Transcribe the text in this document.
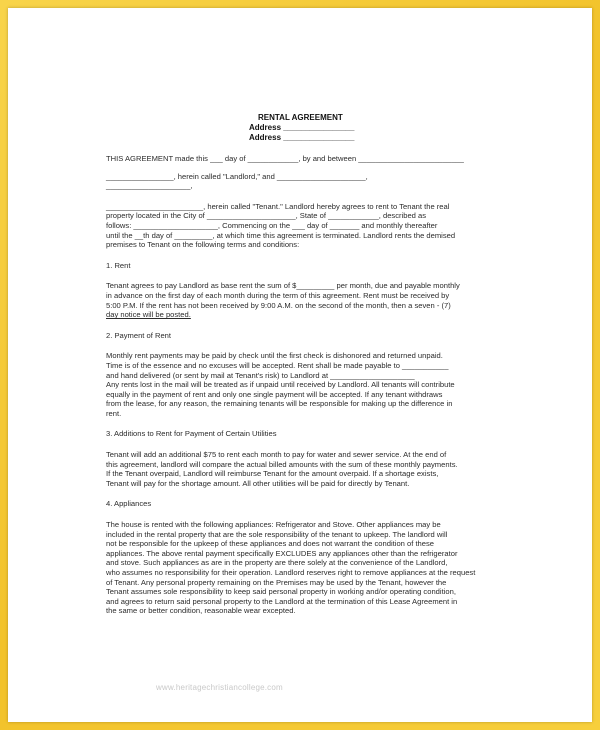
RENTAL AGREEMENT
Address ________________
Address ________________

THIS AGREEMENT made this ___ day of ____________, by and between _________________________

________________, herein called "Landlord," and _____________________,

____________________,

_______________________, herein called "Tenant." Landlord hereby agrees to rent to Tenant the real

property located in the City of _____________________, State of ____________, described as

follows: ____________________, Commencing on the ___ day of _______ and monthly thereafter

until the __th day of _________, at which time this agreement is terminated. Landlord rents the demised

premises to Tenant on the following terms and conditions:

1. Rent

Tenant agrees to pay Landlord as base rent the sum of $_________ per month, due and payable monthly

in advance on the first day of each month during the term of this agreement. Rent must be received by

5:00 P.M. If the rent has not been received by 9:00 A.M. on the second of the month, then a seven - (7)

day notice will be posted.

2. Payment of Rent

Monthly rent payments may be paid by check until the first check is dishonored and returned unpaid.

Time is of the essence and no excuses will be accepted. Rent shall be made payable to ___________

and hand delivered (or sent by mail at Tenant's risk) to Landlord at ____________________

Any rents lost in the mail will be treated as if unpaid until received by Landlord. All tenants will contribute

equally in the payment of rent and only one single payment will be accepted. If any tenant withdraws

from the lease, for any reason, the remaining tenants will be responsible for making up the difference in

rent.

3. Additions to Rent for Payment of Certain Utilities

Tenant will add an additional $75 to rent each month to pay for water and sewer service. At the end of

this agreement, landlord will compare the actual billed amounts with the sum of these monthly payments.

If the Tenant overpaid, Landlord will reimburse Tenant for the amount overpaid. If a shortage exists,

Tenant will pay for the shortage amount. All other utilities will be paid for directly by Tenant.

4. Appliances

The house is rented with the following appliances: Refrigerator and Stove. Other appliances may be

included in the rental property that are the sole responsibility of the tenant to upkeep. The landlord will

not be responsible for the upkeep of these appliances and does not warrant the condition of these

appliances. The above rental payment specifically EXCLUDES any appliances other than the refrigerator

and stove. Such appliances as are in the property are there solely at the convenience of the Landlord,

who assumes no responsibility for their operation. Landlord reserves right to remove appliances at the request

of Tenant. Any personal property remaining on the Premises may be used by the Tenant, however the

Tenant assumes sole responsibility to keep said personal property in working and/or operating condition,

and agrees to return said personal property to the Landlord at the termination of this Lease Agreement in

the same or better condition, reasonable wear excepted.

www.heritagechristiancollege.com
